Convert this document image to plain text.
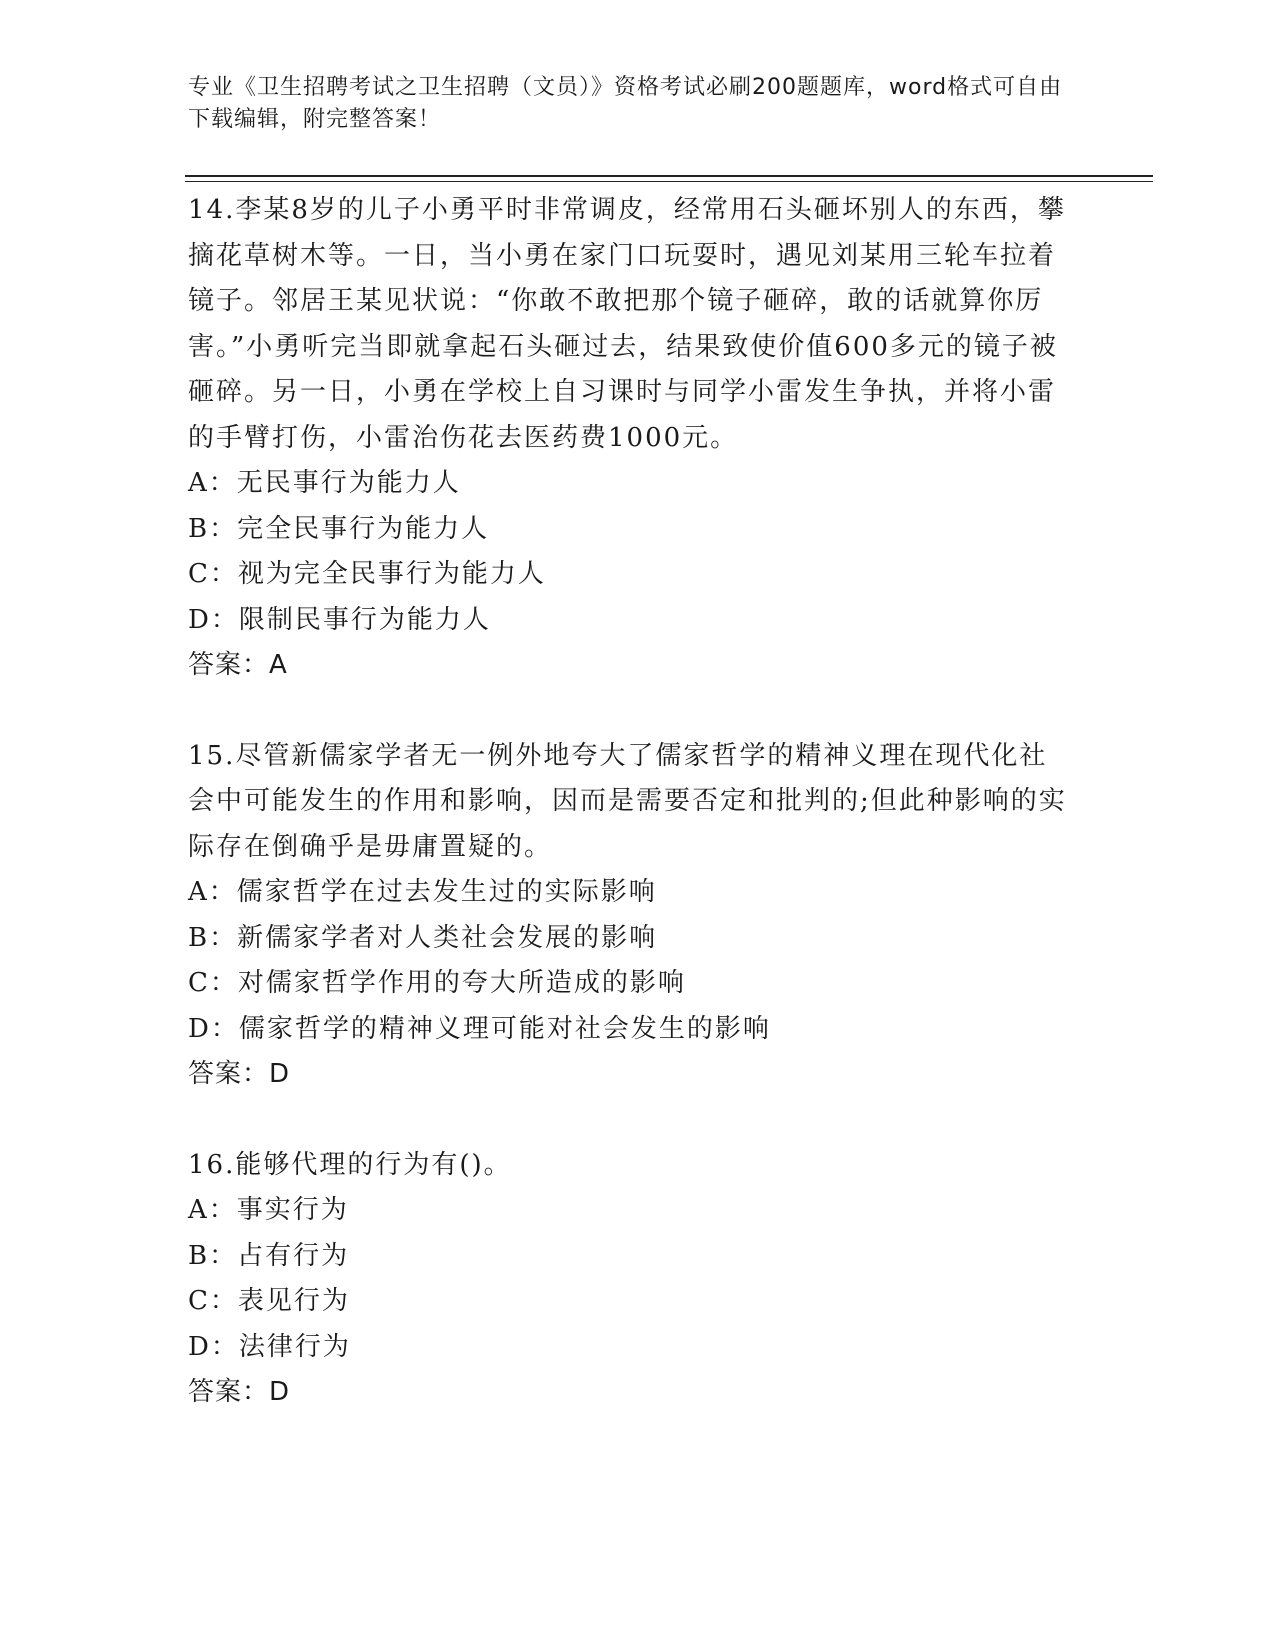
专业《卫生招聘考试之卫生招聘（文员）》资格考试必刷200题题库，word格式可自由下载编辑，附完整答案！

14.李某8岁的儿子小勇平时非常调皮，经常用石头砸坏别人的东西，攀摘花草树木等。一日，当小勇在家门口玩耍时，遇见刘某用三轮车拉着镜子。邻居王某见状说：“你敢不敢把那个镜子砸碎，敢的话就算你厉害。”小勇听完当即就拿起石头砸过去，结果致使价值600多元的镜子被砸碎。另一日，小勇在学校上自习课时与同学小雷发生争执，并将小雷的手臂打伤，小雷治伤花去医药费1000元。

A：无民事行为能力人

B：完全民事行为能力人

C：视为完全民事行为能力人

D：限制民事行为能力人

答案：A

15.尽管新儒家学者无一例外地夸大了儒家哲学的精神义理在现代化社会中可能发生的作用和影响，因而是需要否定和批判的;但此种影响的实际存在倒确乎是毋庸置疑的。

A：儒家哲学在过去发生过的实际影响

B：新儒家学者对人类社会发展的影响

C：对儒家哲学作用的夸大所造成的影响

D：儒家哲学的精神义理可能对社会发生的影响

答案：D

16.能够代理的行为有()。

A：事实行为

B：占有行为

C：表见行为

D：法律行为

答案：D
